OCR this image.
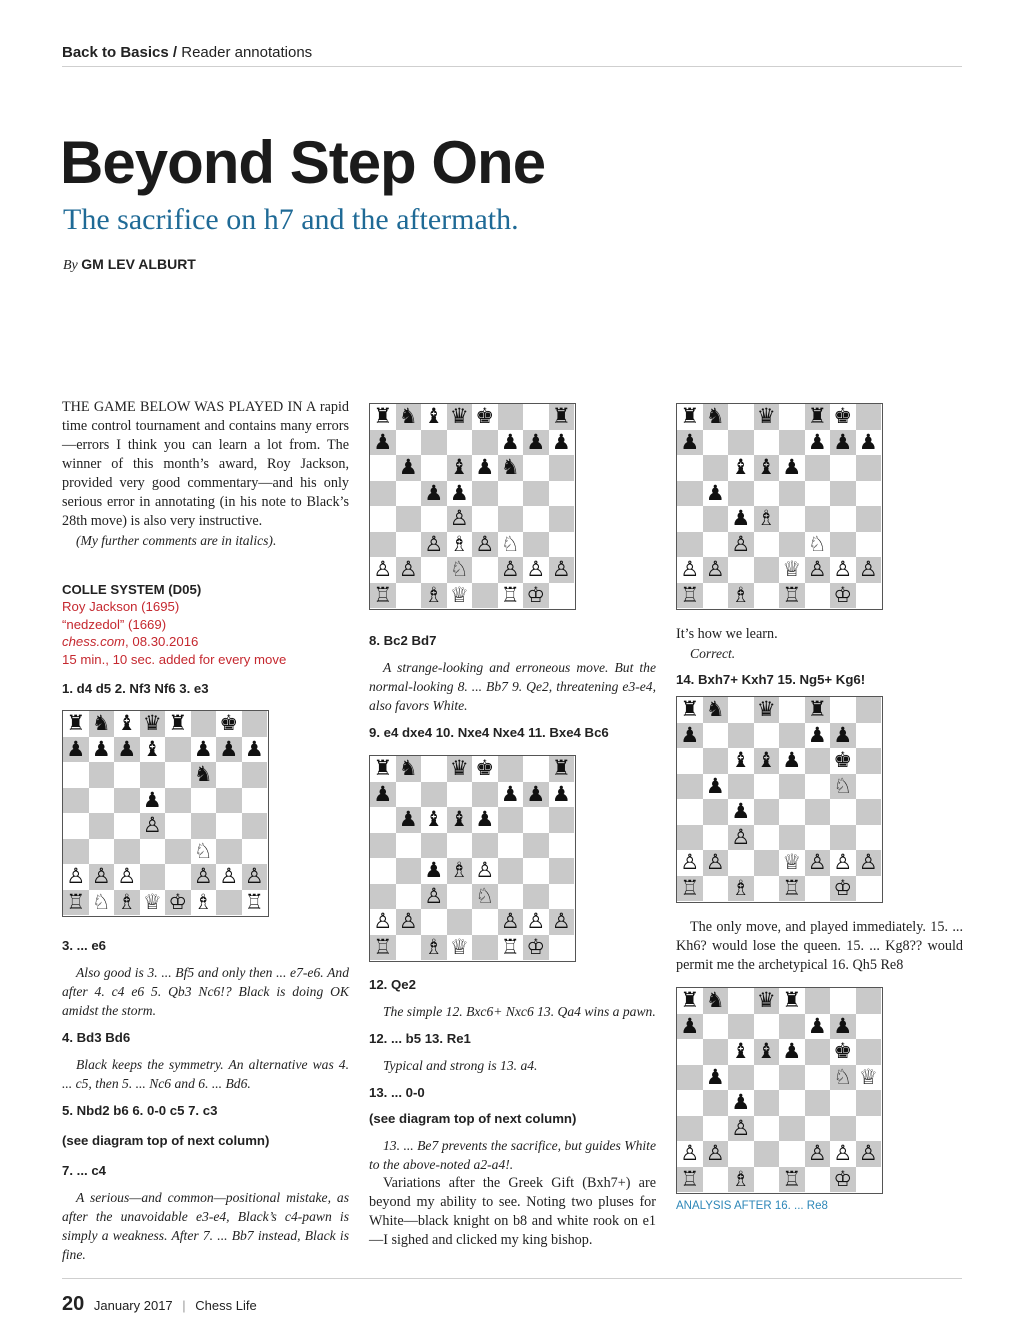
Back to Basics / Reader annotations
Beyond Step One
The sacrifice on h7 and the aftermath.
By GM LEV ALBURT

THE GAME BELOW WAS PLAYED IN A rapid time control tournament and contains many errors—errors I think you can learn a lot from. The winner of this month’s award, Roy Jackson, provided very good commentary—and his only serious error in annotating (in his note to Black’s 28th move) is also very instructive.

(My further comments are in italics).

COLLE SYSTEM (D05)
Roy Jackson (1695)
“nedzedol” (1669)
chess.com, 08.30.2016
15 min., 10 sec. added for every move
1. d4 d5 2. Nf3 Nf6 3. e3
♜ ♞ ♝ ♛ ♜ ♚
♟ ♟ ♟ ♝ ♟ ♟ ♟
♞
♟
♙
♘
♙ ♙ ♙	♙ ♙ ♙
♖ ♘ ♗ ♕ ♔ ♗ ♖
3. ... e6

Also good is 3. ... Bf5 and only then ... e7-e6. And after 4. c4 e6 5. Qb3 Nc6!? Black is doing OK amidst the storm.

4. Bd3 Bd6

Black keeps the symmetry. An alternative was 4. ... c5, then 5. ... Nc6 and 6. ... Bd6.

5. Nbd2 b6 6. 0-0 c5 7. c3
(see diagram top of next column)
7. ... c4

A serious—and common—positional mistake, as after the unavoidable e3-e4, Black’s c4-pawn is simply a weakness. After 7. ... Bb7 instead, Black is fine.

♜ ♞ ♝ ♛ ♚	♜
♟	♟ ♟ ♟
♟ ♝ ♟ ♞
♟ ♟
♙
♙ ♗ ♙ ♘
♙ ♙ ♘ ♙ ♙ ♙
♖ ♗ ♕ ♖ ♔
8. Bc2 Bd7

A strange-looking and erroneous move. But the normal-looking 8. ... Bb7 9. Qe2, threatening e3-e4, also favors White.

9. e4 dxe4 10. Nxe4 Nxe4 11. Bxe4 Bc6
♜ ♞ ♛ ♚	♜
♟	♟ ♟ ♟
♟ ♝ ♝ ♟
♟ ♗ ♙
♙ ♘
♙ ♙	♙ ♙ ♙
♖ ♗ ♕ ♖ ♔
12. Qe2

The simple 12. Bxc6+ Nxc6 13. Qa4 wins a pawn.

12. ... b5 13. Re1

Typical and strong is 13. a4.

13. ... 0-0
(see diagram top of next column)

13. ... Be7 prevents the sacrifice, but guides White to the above-noted a2-a4!.

Variations after the Greek Gift (Bxh7+) are beyond my ability to see. Noting two pluses for White—black knight on b8 and white rook on e1—I sighed and clicked my king bishop.

♜ ♞ ♛ ♜ ♚
♟	♟ ♟ ♟
♝ ♝ ♟
♟
♟ ♗
♙	♘
♙ ♙	♕ ♙ ♙ ♙
♖ ♗ ♖ ♔

It’s how we learn.

Correct.

14. Bxh7+ Kxh7 15. Ng5+ Kg6!
♜ ♞ ♛ ♜
♟	♟ ♟
♝ ♝ ♟ ♚
♟	♘
♟
♙
♙ ♙	♕ ♙ ♙ ♙
♖ ♗ ♖ ♔

The only move, and played immediately. 15. ... Kh6? would lose the queen. 15. ... Kg8?? would permit me the archetypical 16. Qh5 Re8

♜ ♞ ♛ ♜
♟	♟ ♟
♝ ♝ ♟ ♚
♟	♘ ♕
♟
♙
♙ ♙	♙ ♙ ♙
♖ ♗ ♖ ♔
ANALYSIS AFTER 16. ... Re8
20 January 2017 | Chess Life
